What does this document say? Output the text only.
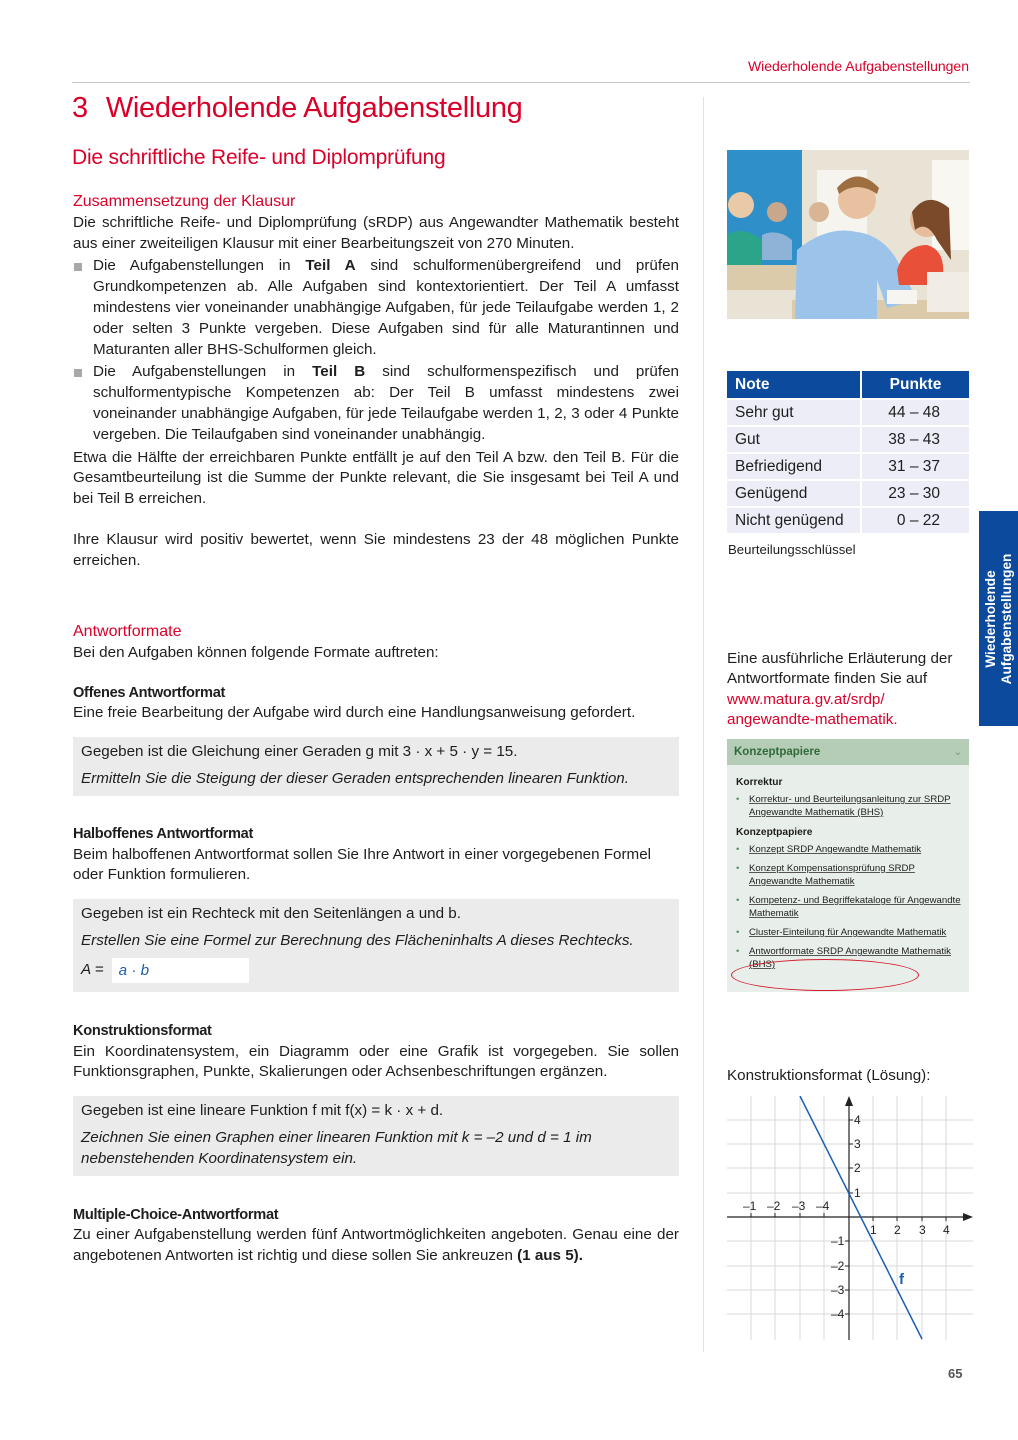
Wiederholende Aufgabenstellungen
3 Wiederholende Aufgabenstellung
Die schriftliche Reife- und Diplomprüfung
Zusammensetzung der Klausur

Die schriftliche Reife- und Diplomprüfung (sRDP) aus Angewandter Mathematik besteht aus einer zweiteiligen Klausur mit einer Bearbeitungszeit von 270 Minuten.

Die Aufgabenstellungen in Teil A sind schulformenübergreifend und prüfen Grundkompetenzen ab. Alle Aufgaben sind kontextorientiert. Der Teil A umfasst mindestens vier voneinander unabhängige Aufgaben, für jede Teilaufgabe werden 1, 2 oder selten 3 Punkte vergeben. Diese Aufgaben sind für alle Maturantinnen und Maturanten aller BHS-Schulformen gleich.
Die Aufgabenstellungen in Teil B sind schulformenspezifisch und prüfen schulformentypische Kompetenzen ab: Der Teil B umfasst mindestens zwei voneinander unabhängige Aufgaben, für jede Teilaufgabe werden 1, 2, 3 oder 4 Punkte vergeben. Die Teilaufgaben sind voneinander unabhängig.

Etwa die Hälfte der erreichbaren Punkte entfällt je auf den Teil A bzw. den Teil B. Für die Gesamtbeurteilung ist die Summe der Punkte relevant, die Sie insgesamt bei Teil A und bei Teil B erreichen.

Ihre Klausur wird positiv bewertet, wenn Sie mindestens 23 der 48 möglichen Punkte erreichen.

Antwortformate

Bei den Aufgaben können folgende Formate auftreten:

Offenes Antwortformat

Eine freie Bearbeitung der Aufgabe wird durch eine Handlungsanweisung gefordert.

Gegeben ist die Gleichung einer Geraden g mit 3 · x + 5 · y = 15.
Ermitteln Sie die Steigung der dieser Geraden entsprechenden linearen Funktion.
Halboffenes Antwortformat

Beim halboffenen Antwortformat sollen Sie Ihre Antwort in einer vorgegebenen Formel oder Funktion formulieren.

Gegeben ist ein Rechteck mit den Seitenlängen a und b.
Erstellen Sie eine Formel zur Berechnung des Flächeninhalts A dieses Rechtecks.
A = a · b
Konstruktionsformat

Ein Koordinatensystem, ein Diagramm oder eine Grafik ist vorgegeben. Sie sollen Funktionsgraphen, Punkte, Skalierungen oder Achsenbeschriftungen ergänzen.

Gegeben ist eine lineare Funktion f mit f(x) = k · x + d.
Zeichnen Sie einen Graphen einer linearen Funktion mit k = –2 und d = 1 im nebenstehenden Koordinatensystem ein.
Multiple-Choice-Antwortformat

Zu einer Aufgabenstellung werden fünf Antwortmöglichkeiten angeboten. Genau eine der angebotenen Antworten ist richtig und diese sollen Sie ankreuzen (1 aus 5).

Note	Punkte
Sehr gut	44 – 48
Gut	38 – 43
Befriedigend	31 – 37
Genügend	23 – 30
Nicht genügend	0 – 22
Beurteilungsschlüssel
Wiederholende Aufgabenstellungen
Eine ausführliche Erläuterung der Antwortformate finden Sie auf
www.matura.gv.at/srdp/
angewandte-mathematik.
Konzeptpapiere	⌄
Korrektur
• Korrektur- und Beurteilungsanleitung zur SRDP Angewandte Mathematik (BHS)
Konzeptpapiere
• Konzept SRDP Angewandte Mathematik
• Konzept Kompensationsprüfung SRDP Angewandte Mathematik
• Kompetenz- und Begriffekataloge für Angewandte Mathematik
• Cluster-Einteilung für Angewandte Mathematik
• Antwortformate SRDP Angewandte Mathematik (BHS)
Konstruktionsformat (Lösung):
4
3
2
1
–1
–2
–3
–4
–1 –2 –3 –4
1 2 3 4
f
65
